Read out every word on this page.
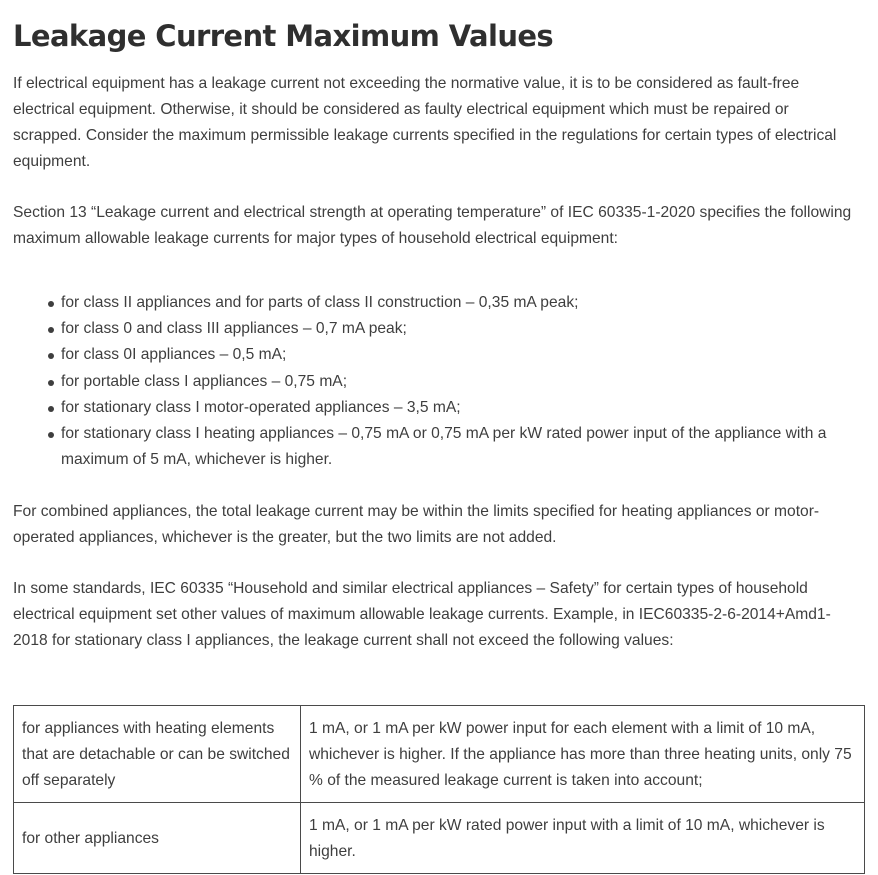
Leakage Current Maximum Values

If electrical equipment has a leakage current not exceeding the normative value, it is to be considered as fault-free electrical equipment. Otherwise, it should be considered as faulty electrical equipment which must be repaired or scrapped. Consider the maximum permissible leakage currents specified in the regulations for certain types of electrical equipment.

Section 13 “Leakage current and electrical strength at operating temperature” of IEC 60335-1-2020 specifies the following maximum allowable leakage currents for major types of household electrical equipment:

for class II appliances and for parts of class II construction – 0,35 mA peak;
for class 0 and class III appliances – 0,7 mA peak;
for class 0I appliances – 0,5 mA;
for portable class I appliances – 0,75 mA;
for stationary class I motor-operated appliances – 3,5 mA;
for stationary class I heating appliances – 0,75 mA or 0,75 mA per kW rated power input of the appliance with a maximum of 5 mA, whichever is higher.

For combined appliances, the total leakage current may be within the limits specified for heating appliances or motor-operated appliances, whichever is the greater, but the two limits are not added.

In some standards, IEC 60335 “Household and similar electrical appliances – Safety” for certain types of household electrical equipment set other values of maximum allowable leakage currents. Example, in IEC60335-2-6-2014+Amd1-2018 for stationary class I appliances, the leakage current shall not exceed the following values:

for appliances with heating elements that are detachable or can be switched off separately	1 mA, or 1 mA per kW power input for each element with a limit of 10 mA, whichever is higher. If the appliance has more than three heating units, only 75 % of the measured leakage current is taken into account;
for other appliances	1 mA, or 1 mA per kW rated power input with a limit of 10 mA, whichever is higher.
